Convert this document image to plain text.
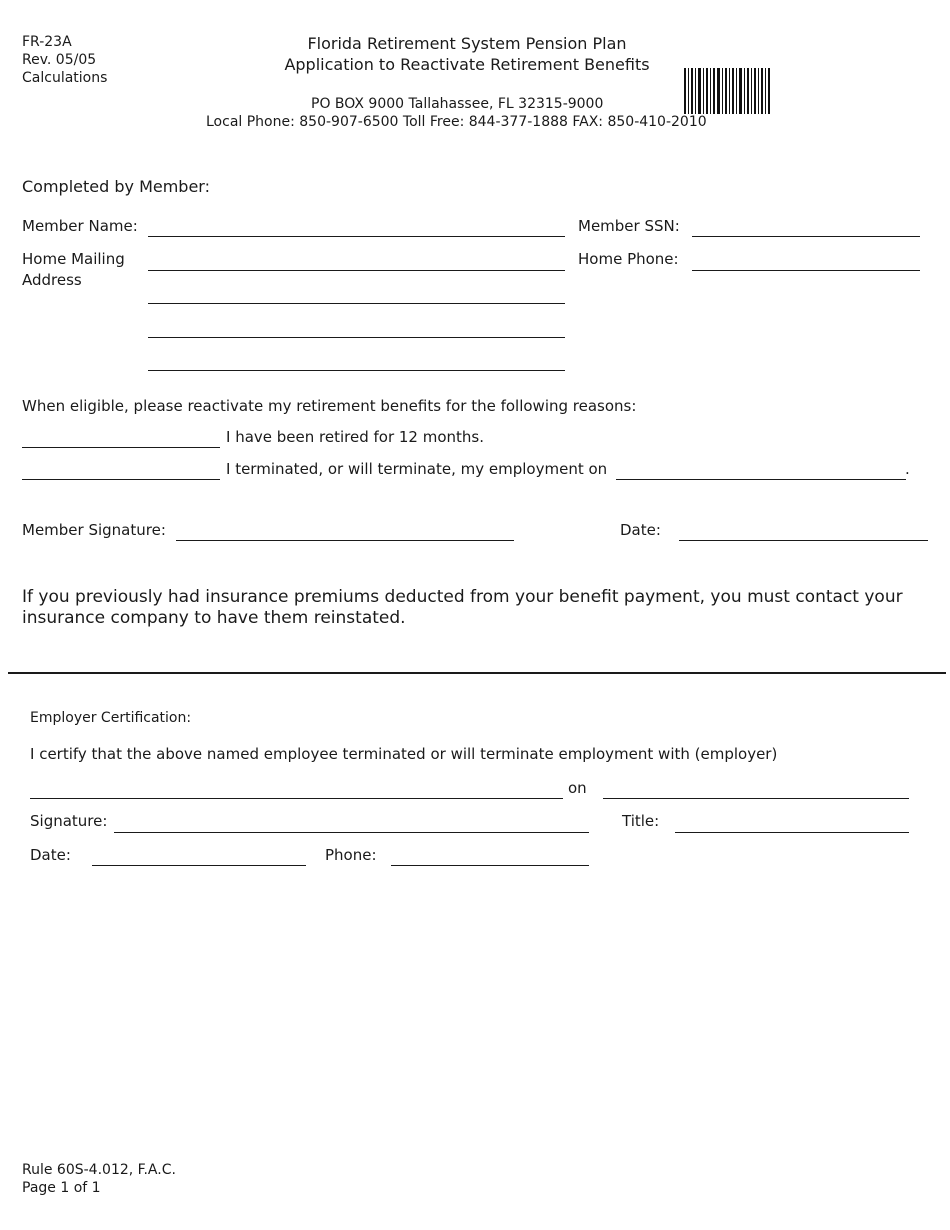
FR-23A
Rev. 05/05
Calculations
Florida Retirement System Pension Plan
Application to Reactivate Retirement Benefits
PO BOX 9000 Tallahassee, FL 32315-9000
Local Phone: 850-907-6500 Toll Free: 844-377-1888 FAX: 850-410-2010
Completed by Member:
Member Name:	Member SSN:
Home Mailing
Address
Home Phone:
When eligible, please reactivate my retirement benefits for the following reasons:
I have been retired for 12 months.
I terminated, or will terminate, my employment on	.
Member Signature:	Date:
If you previously had insurance premiums deducted from your benefit payment, you must contact your
insurance company to have them reinstated.
Employer Certification:
I certify that the above named employee terminated or will terminate employment with (employer)
on
Signature:	Title:
Date:	Phone:
Rule 60S-4.012, F.A.C.
Page 1 of 1
